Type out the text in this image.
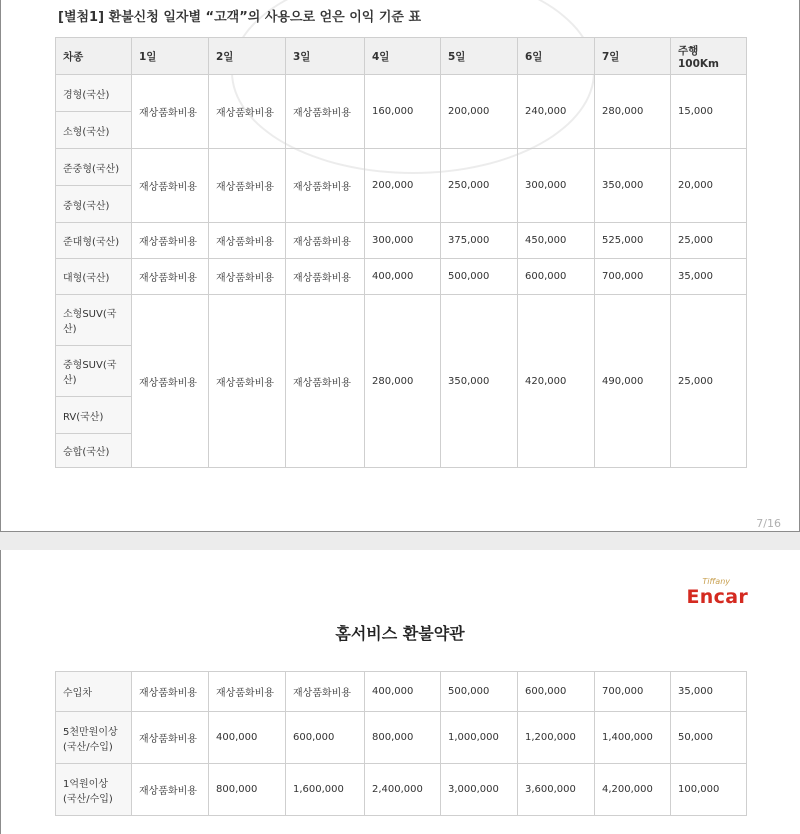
[별첨1] 환불신청 일자별 “고객”의 사용으로 얻은 이익 기준 표
7/16
차종	1일	2일	3일	4일	5일	6일	7일	주행100Km
경형(국산)	재상품화비용	재상품화비용	재상품화비용	160,000	200,000	240,000	280,000	15,000
소형(국산)								
준중형(국산)	재상품화비용	재상품화비용	재상품화비용	200,000	250,000	300,000	350,000	20,000
중형(국산)								
준대형(국산)	재상품화비용	재상품화비용	재상품화비용	300,000	375,000	450,000	525,000	25,000
대형(국산)	재상품화비용	재상품화비용	재상품화비용	400,000	500,000	600,000	700,000	35,000
소형SUV(국산)	재상품화비용	재상품화비용	재상품화비용	280,000	350,000	420,000	490,000	25,000
중형SUV(국산)								
RV(국산)								
승합(국산)								
Tiffany
Encar
홈서비스 환불약관
수입차	재상품화비용	재상품화비용	재상품화비용	400,000	500,000	600,000	700,000	35,000
5천만원이상
(국산/수입)	재상품화비용	400,000	600,000	800,000	1,000,000	1,200,000	1,400,000	50,000
1억원이상
(국산/수입)	재상품화비용	800,000	1,600,000	2,400,000	3,000,000	3,600,000	4,200,000	100,000
